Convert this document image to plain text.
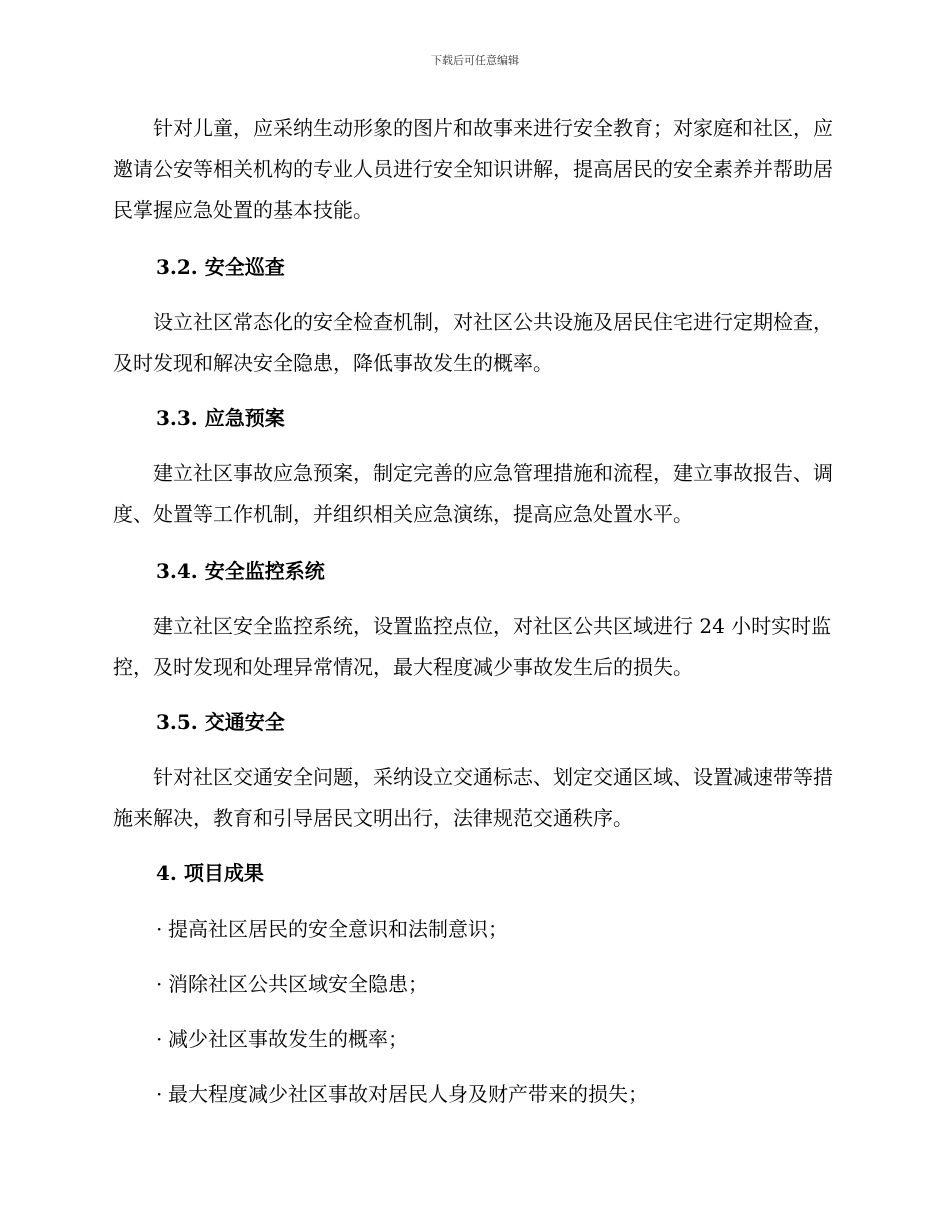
下载后可任意编辑

针对儿童，应采纳生动形象的图片和故事来进行安全教育；对家庭和社区，应邀请公安等相关机构的专业人员进行安全知识讲解，提高居民的安全素养并帮助居民掌握应急处置的基本技能。

3.2. 安全巡查

设立社区常态化的安全检查机制，对社区公共设施及居民住宅进行定期检查，及时发现和解决安全隐患，降低事故发生的概率。

3.3. 应急预案

建立社区事故应急预案，制定完善的应急管理措施和流程，建立事故报告、调度、处置等工作机制，并组织相关应急演练，提高应急处置水平。

3.4. 安全监控系统

建立社区安全监控系统，设置监控点位，对社区公共区域进行 24 小时实时监控，及时发现和处理异常情况，最大程度减少事故发生后的损失。

3.5. 交通安全

针对社区交通安全问题，采纳设立交通标志、划定交通区域、设置减速带等措施来解决，教育和引导居民文明出行，法律规范交通秩序。

4. 项目成果

· 提高社区居民的安全意识和法制意识；

· 消除社区公共区域安全隐患；

· 减少社区事故发生的概率；

· 最大程度减少社区事故对居民人身及财产带来的损失；
